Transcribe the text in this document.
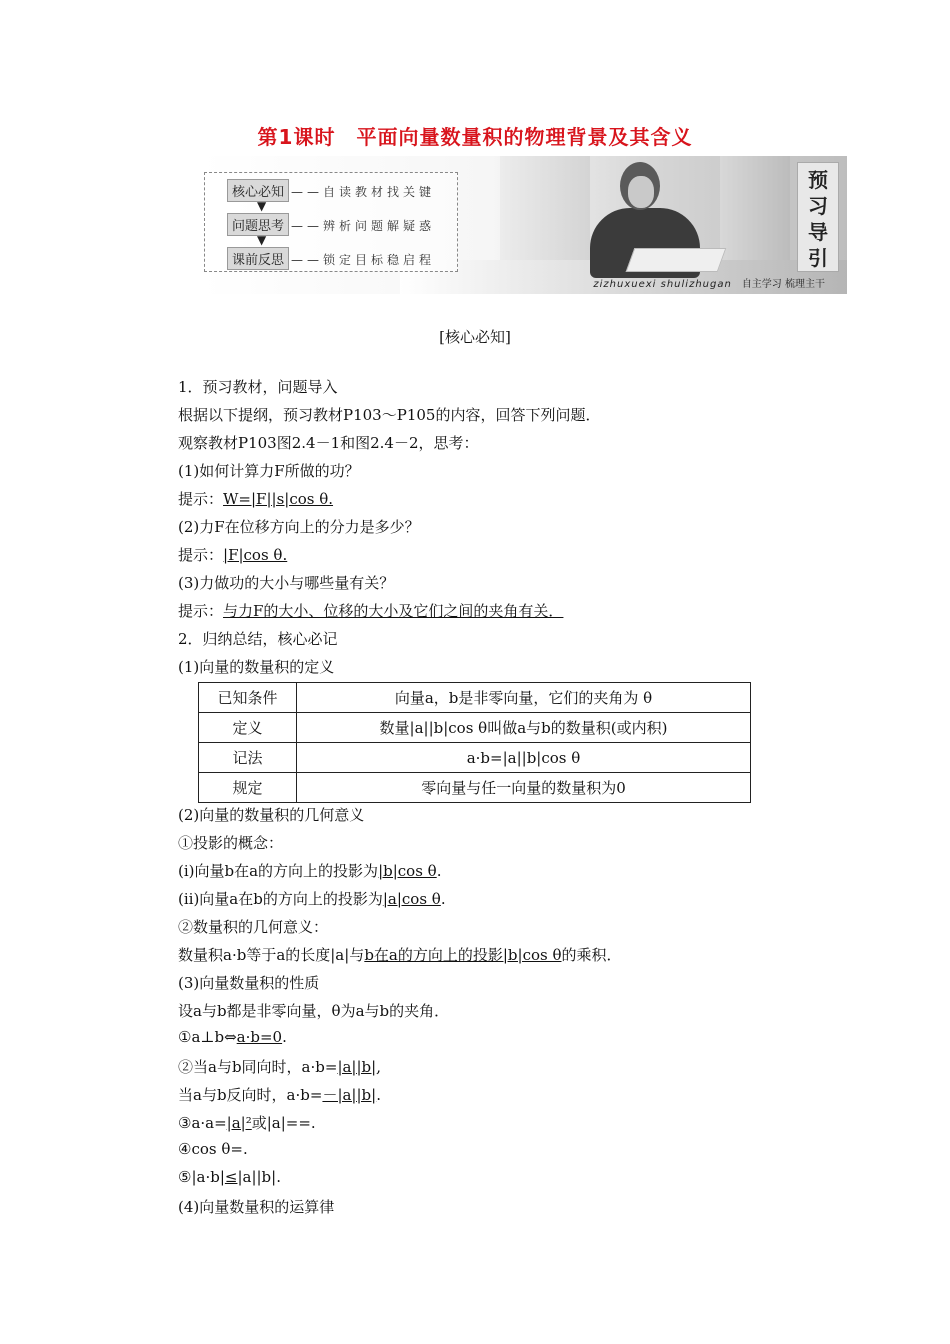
第1课时　平面向量数量积的物理背景及其含义
核心必知 ——自读教材找关键
▼
问题思考 ——辨析问题解疑惑
▼
课前反思 ——锁定目标稳启程
预
习
导
引
zizhuxuexi shulizhugan 自主学习 梳理主干
[核心必知]
1．预习教材，问题导入
根据以下提纲，预习教材P103～P105的内容，回答下列问题．
观察教材P103图2.4－1和图2.4－2，思考：
(1)如何计算力F所做的功？
提示：W=|F||s|cos θ.
(2)力F在位移方向上的分力是多少？
提示：|F|cos θ.
(3)力做功的大小与哪些量有关？
提示：与力F的大小、位移的大小及它们之间的夹角有关．
2．归纳总结，核心必记
(1)向量的数量积的定义
已知条件	向量a，b是非零向量，它们的夹角为 θ
定义	数量|a||b|cos θ叫做a与b的数量积(或内积)
记法	a·b=|a||b|cos θ
规定	零向量与任一向量的数量积为0
(2)向量的数量积的几何意义
①投影的概念：
(ⅰ)向量b在a的方向上的投影为|b|cos θ.
(ⅱ)向量a在b的方向上的投影为|a|cos θ.
②数量积的几何意义：
数量积a·b等于a的长度|a|与b在a的方向上的投影|b|cos θ的乘积．
(3)向量数量积的性质
设a与b都是非零向量，θ为a与b的夹角．
①a⊥b⇔a·b=0.
②当a与b同向时，a·b=|a||b|,
当a与b反向时，a·b=－|a||b|.
③a·a=|a|²或|a|==.
④cos θ=.
⑤|a·b|≤|a||b|.
(4)向量数量积的运算律
